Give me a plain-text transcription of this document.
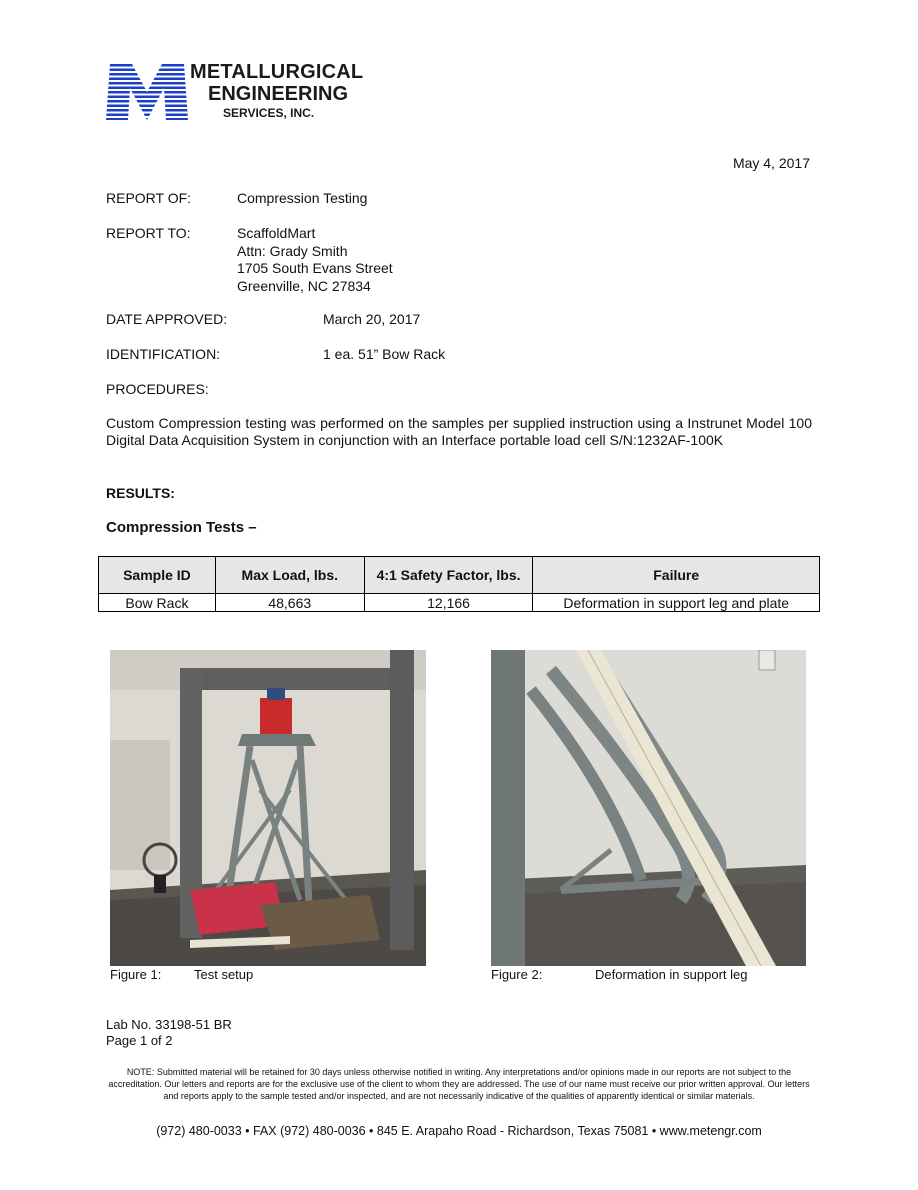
METALLURGICAL
ENGINEERING
SERVICES, INC.
May 4, 2017
REPORT OF:	Compression Testing
REPORT TO:	ScaffoldMart
Attn: Grady Smith
1705 South Evans Street
Greenville, NC 27834
DATE APPROVED:	March 20, 2017
IDENTIFICATION:	1 ea. 51” Bow Rack
PROCEDURES:
Custom Compression testing was performed on the samples per supplied instruction using a Instrunet Model 100 Digital Data Acquisition System in conjunction with an Interface portable load cell S/N:1232AF-100K
RESULTS:
Compression Tests –
Sample ID	Max Load, lbs.	4:1 Safety Factor, lbs.	Failure
Bow Rack	48,663	12,166	Deformation in support leg and plate
Figure 1:	Test setup	Figure 2:	Deformation in support leg
Lab No. 33198-51 BR
Page 1 of 2
NOTE: Submitted material will be retained for 30 days unless otherwise notified in writing. Any interpretations and/or opinions made in our reports are not subject to the accreditation. Our letters and reports are for the exclusive use of the client to whom they are addressed. The use of our name must receive our prior written approval. Our letters and reports apply to the sample tested and/or inspected, and are not necessarily indicative of the qualities of apparently identical or similar materials.
(972) 480-0033 • FAX (972) 480-0036 • 845 E. Arapaho Road - Richardson, Texas 75081 • www.metengr.com
